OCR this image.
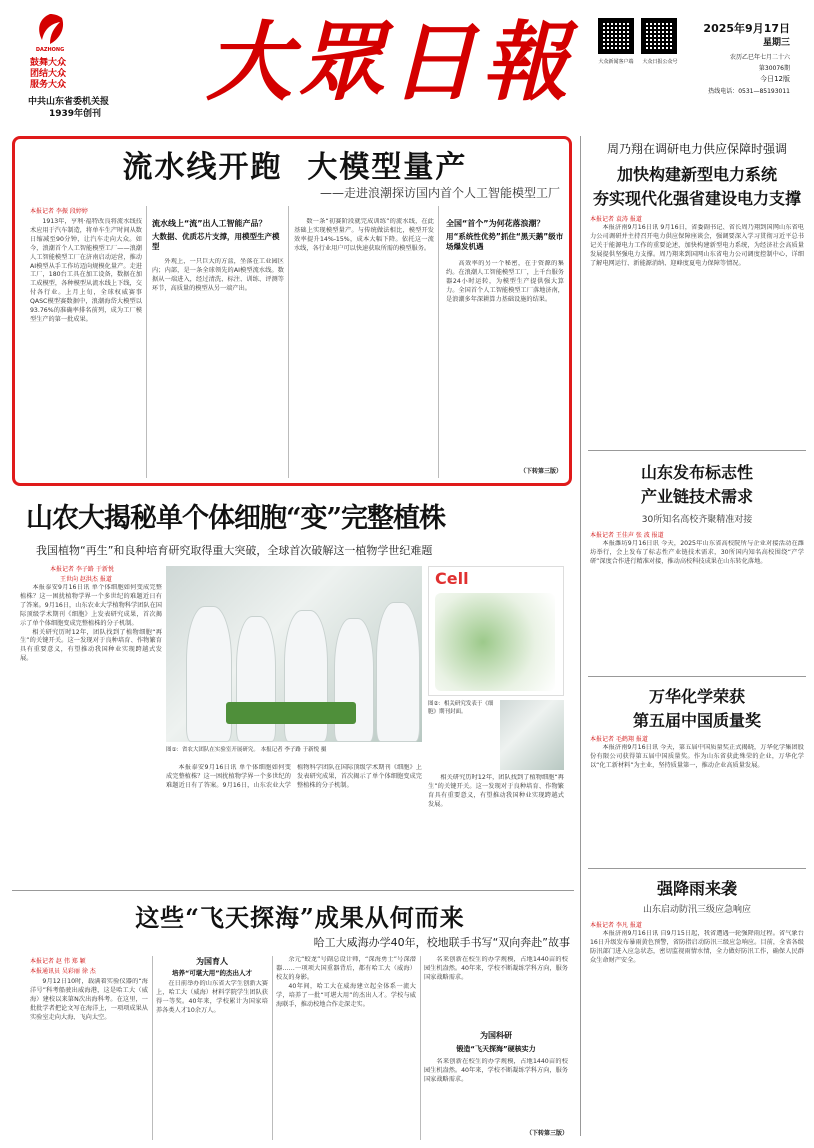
DAZHONG
鼓舞大众
团结大众
服务大众
中共山东省委机关报
1939年创刊
大眾日報	2025年9月17日
星期三
农历乙巳年七月二十六
第30076期
今日12版
热线电话：0531—85193011
大众新闻客户端	大众日报公众号
流水线开跑  大模型量产
——走进浪潮探访国内首个人工智能模型工厂
本报记者 李振 段婷婷

1913年，亨利·福特改良将流水线技术应用于汽车制造，将单车生产时间从数日缩减至90分钟，让汽车走向大众。如今，浪潮首个人工智能模型工厂——浪潮人工智能模型工厂在济南启动运营，推动AI模型从手工作坊迈向规模化量产。走进工厂，180台工具在加工设备，数据在加工成模型，各种模型从流水线上下线，交付各行业。上月上旬，全球权威赛事QASC模型赛数据中，浪潮海岱大模型以93.76%的准确率排名前列，成为工厂模型生产的第一批成果。

流水线上“流”出人工智能产品？
大数据、优质芯片支撑，用模型生产模型

外观上，一只巨大的方盒，坐落在工业园区内；内部，是一条全球领先的AI模型流水线。数据从一端进入，经过清洗、标注、训练、评测等环节，高质量的模型从另一端产出。

数一条“初赛阶段就完成训练”的流水线，在此基础上实现模型量产。与传统做法相比，模型开发效率提升14%-15%，成本大幅下降。依托这一流水线，各行业用户可以快速获取所需的模型服务。

全国“首个”为何花落浪潮？
用“系统性优势”抓住“黑天鹅”级市场爆发机遇

高效率的另一个秘密，在于资源的集约。在浪潮人工智能模型工厂，上千台服务器24小时运转，为模型生产提供强大算力。全国首个人工智能模型工厂落地济南，是浪潮多年深耕算力基础设施的结果。

（下转第三版）
周乃翔在调研电力供应保障时强调
加快构建新型电力系统
夯实现代化强省建设电力支撑
本报记者 袁涛 报道

本报济南9月16日讯 9月16日，省委副书记、省长周乃翔到国网山东省电力公司调研并主持召开电力供应保障座谈会，强调要深入学习贯彻习近平总书记关于能源电力工作的重要论述，加快构建新型电力系统，为经济社会高质量发展提供坚强电力支撑。周乃翔来到国网山东省电力公司调度控制中心，详细了解电网运行、新能源消纳、迎峰度夏电力保障等情况。

山东发布标志性
产业链技术需求
30所知名高校齐聚精准对接
本报记者 王佳声 张 波 报道

本报潍坊9月16日讯 今天，2025年山东省高校院所与企业对接活动在潍坊举行，会上发布了标志性产业链技术需求，30所国内知名高校围绕“产学研”深度合作进行精准对接，推动高校科技成果在山东转化落地。

万华化学荣获
第五届中国质量奖
本报记者 毛鹤翔 报道

本报济南9月16日讯 今天，第五届中国质量奖正式揭晓，万华化学集团股份有限公司获得第五届中国质量奖。作为山东省获此殊荣的企业，万华化学以“化工新材料”为主业，坚持质量第一，推动企业高质量发展。

强降雨来袭
山东启动防汛三级应急响应
本报记者 李凡 报道

本报济南9月16日讯 自9月15日起，我省遭遇一轮强降雨过程。省气象台16日升级发布暴雨黄色预警，省防指启动防汛三级应急响应。目前，全省各级防汛部门进入应急状态，密切监视雨情水情，全力做好防汛工作，确保人民群众生命财产安全。

山农大揭秘单个体细胞“变”完整植株
我国植物“再生”和良种培育研究取得重大突破，全球首次破解这一植物学世纪难题
本报记者 李子路 于新悦
王世向 赵洪杰 报道

本报泰安9月16日讯 单个体细胞如何变成完整植株？这一困扰植物学界一个多世纪的难题近日有了答案。9月16日，山东农业大学植物科学团队在国际顶级学术期刊《细胞》上发表研究成果，首次揭示了单个体细胞变成完整植株的分子机制。

相关研究历时12年，团队找到了植物细胞“再生”的关键开关。这一发现对于良种培育、作物繁育具有重要意义，有望推动我国种业实现跨越式发展。

图①：省农大团队在实验室开展研究。 本报记者 李子路 于新悦 摄
Cell
图②：相关研究发表于《细胞》期刊封面。

相关研究历时12年，团队找到了植物细胞“再生”的关键开关。这一发现对于良种培育、作物繁育具有重要意义，有望推动我国种业实现跨越式发展。

本报泰安9月16日讯 单个体细胞如何变成完整植株？这一困扰植物学界一个多世纪的难题近日有了答案。9月16日，山东农业大学植物科学团队在国际顶级学术期刊《细胞》上发表研究成果，首次揭示了单个体细胞变成完整植株的分子机制。

这些“飞天探海”成果从何而来
哈工大威海办学40年，校地联手书写“双向奔赴”故事
本报记者 赵 伟 郑 颖
本报通讯员 吴彩丽 徐 杰

9月12日10时，载满着实验仪器的“海洋号”科考船驶出威海港，这是哈工大（威海）建校以来第N次出海科考。在这里，一批批学者把论文写在海洋上，一项项成果从实验室走向大海、飞向太空。

为国育人
培养“可堪大用”的杰出人才

在日前举办的山东省大学生创新大赛上，哈工大（威海）材料学院学生团队获得一等奖。40年来，学校累计为国家培养各类人才10余万人。

余元“蛟龙”号副总设计师，“深海勇士”号深潜器……一项项大国重器背后，都有哈工大（威海）校友的身影。

40年间，哈工大在威海建立起全体系一流大学，培养了一批“可堪大用”的杰出人才。学校与威海联手，推动校地合作走深走实。

名来创新在校生的办学规模，占地1440亩的校园生机盎然。40年来，学校不断凝练学科方向，服务国家战略需求。

为国科研
锻造“飞天探海”硬核实力

名来创新在校生的办学规模，占地1440亩的校园生机盎然。40年来，学校不断凝练学科方向，服务国家战略需求。

（下转第三版）
